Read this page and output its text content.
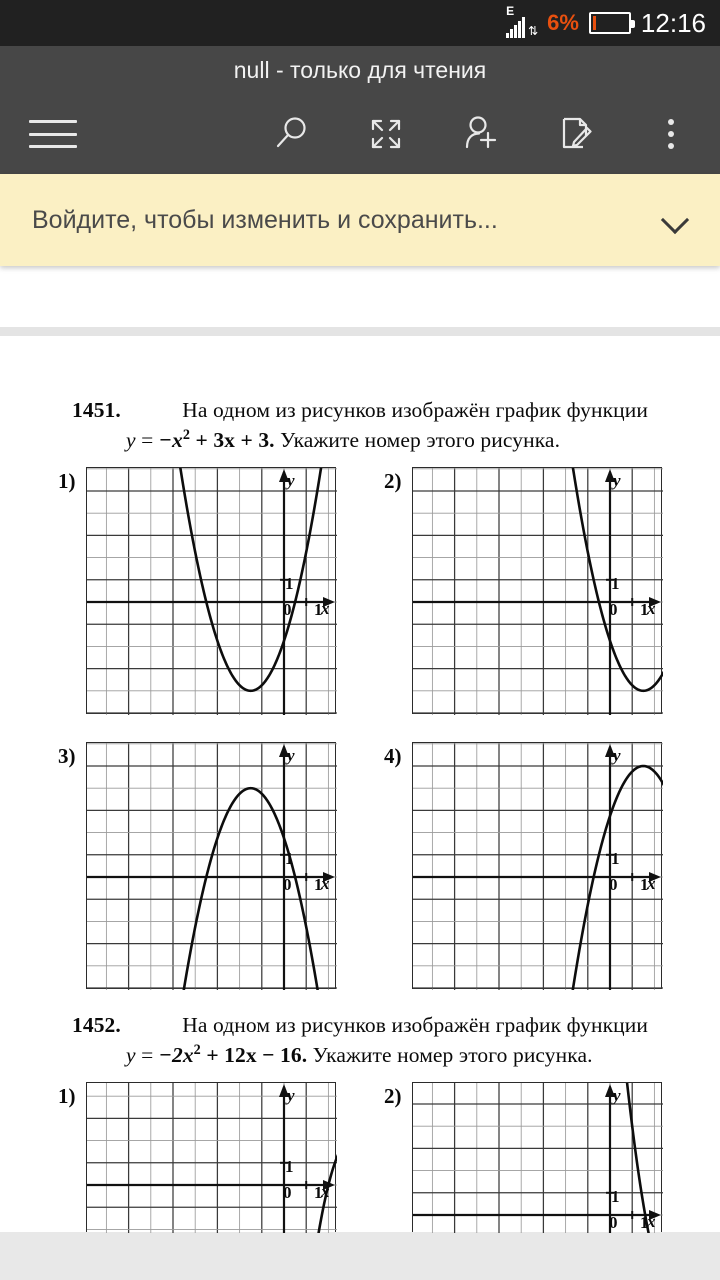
E
⇅ 6% 12:16
null - только для чтения
Войдите, чтобы изменить и сохранить...
1451.	На одном из рисунков изображён график функции
$y = -x^2 + 3x + 3$. Укажите номер этого рисунка.
1)	y
1
0 1
x
2)	y
1
0 1
x
3)	y
1
0 1
x
4)	y
1
0 1
x
1452.	На одном из рисунков изображён график функции
$y = -2x^2 + 12x - 16$. Укажите номер этого рисунка.
1)	y
1
0 1
x
2)	y
1
0 1
x
